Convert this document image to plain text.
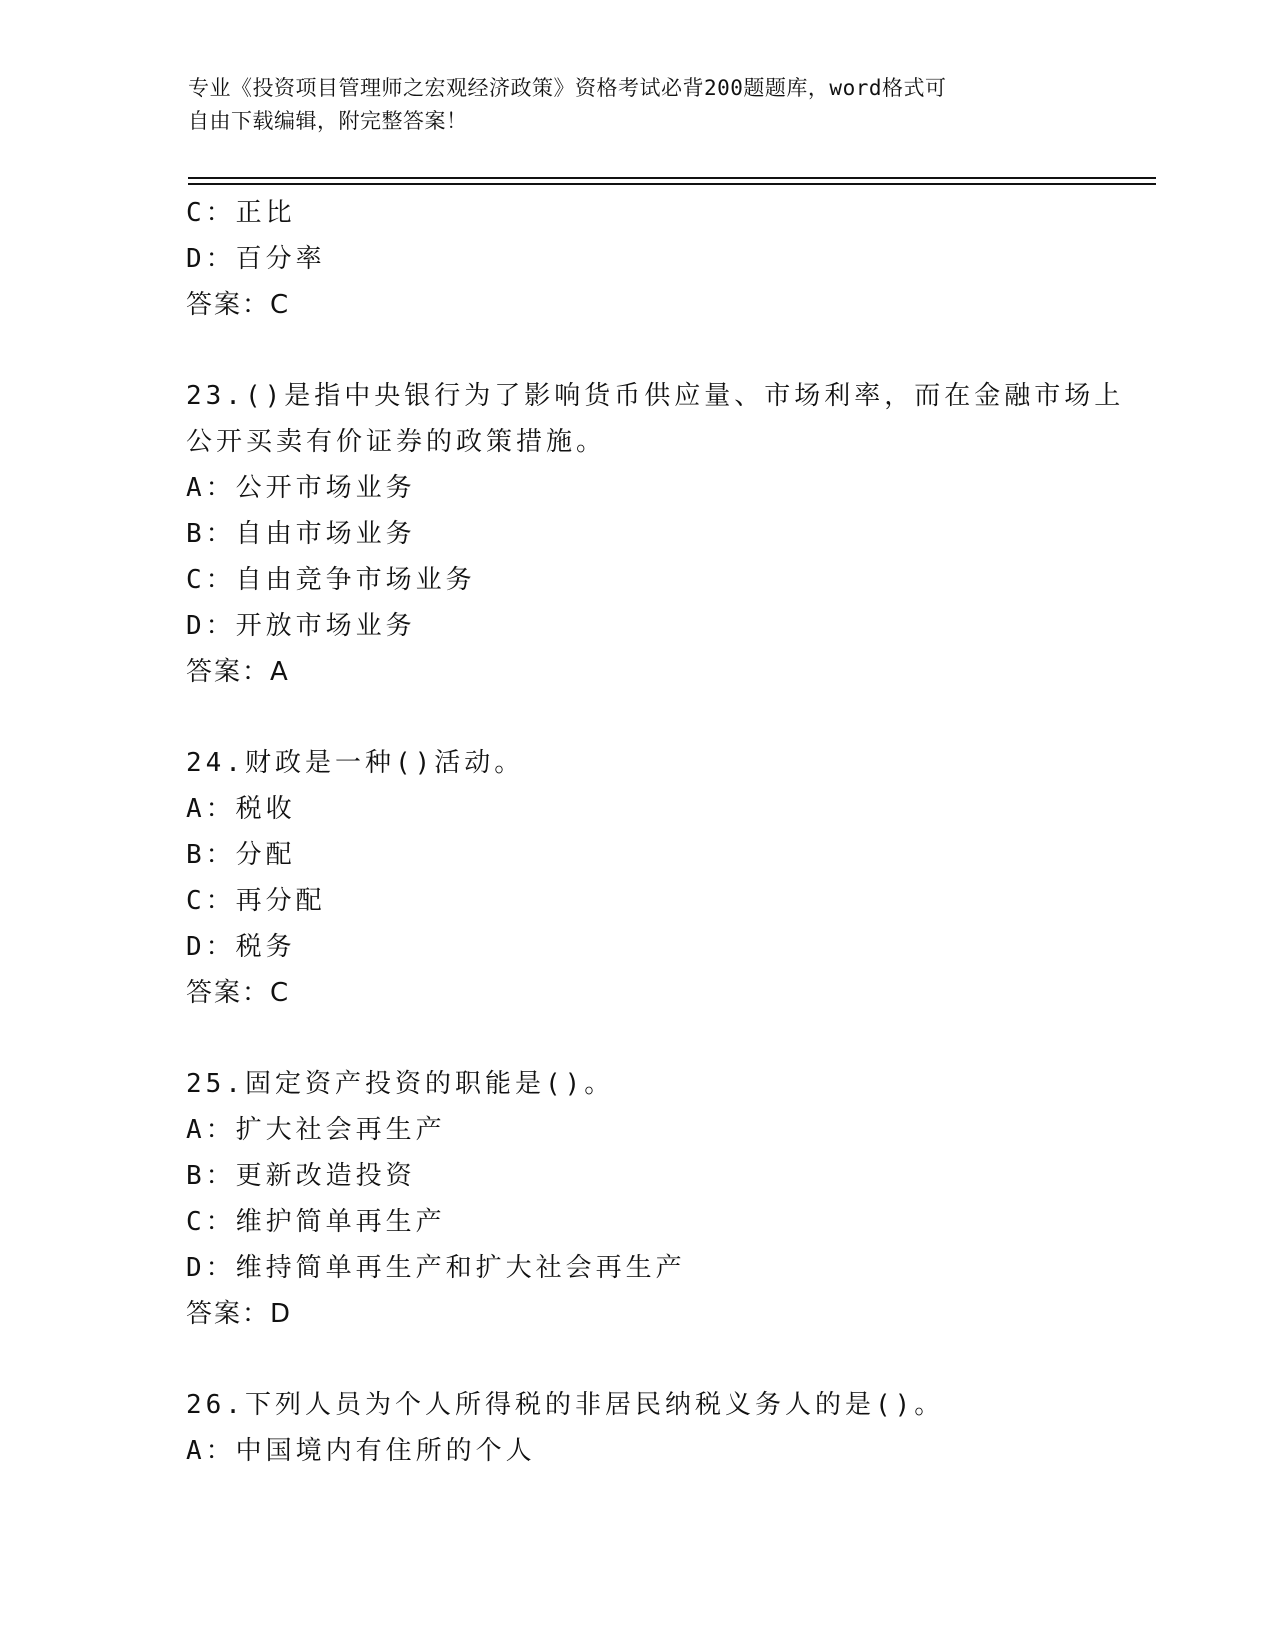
专业《投资项目管理师之宏观经济政策》资格考试必背200题题库，word格式可
自由下载编辑，附完整答案！
C：正比
D：百分率
答案：C
23.()是指中央银行为了影响货币供应量、市场利率，而在金融市场上
公开买卖有价证券的政策措施。
A：公开市场业务
B：自由市场业务
C：自由竞争市场业务
D：开放市场业务
答案：A
24.财政是一种()活动。
A：税收
B：分配
C：再分配
D：税务
答案：C
25.固定资产投资的职能是()。
A：扩大社会再生产
B：更新改造投资
C：维护简单再生产
D：维持简单再生产和扩大社会再生产
答案：D
26.下列人员为个人所得税的非居民纳税义务人的是()。
A：中国境内有住所的个人
